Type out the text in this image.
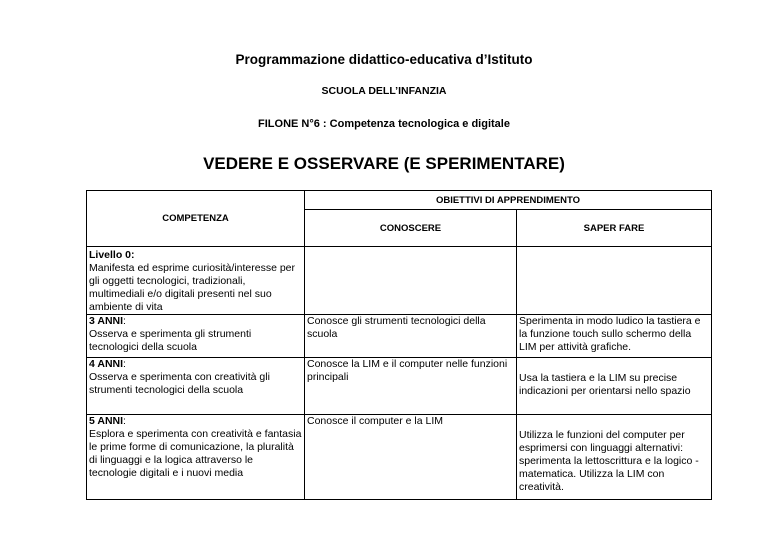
Programmazione didattico-educativa d’Istituto
SCUOLA DELL’INFANZIA
FILONE N°6 : Competenza tecnologica e digitale
VEDERE E OSSERVARE (E SPERIMENTARE)
COMPETENZA	OBIETTIVI DI APPRENDIMENTO	
	CONOSCERE	SAPER FARE
Livello 0:
Manifesta ed esprime curiosità/interesse per gli oggetti tecnologici, tradizionali, multimediali e/o digitali presenti nel suo ambiente di vita		
3 ANNI:
Osserva e sperimenta gli strumenti tecnologici della scuola	Conosce gli strumenti tecnologici della scuola	Sperimenta in modo ludico la tastiera e la funzione touch sullo schermo della LIM per attività grafiche.
4 ANNI:
Osserva e sperimenta con creatività gli strumenti tecnologici della scuola	Conosce la LIM e il computer nelle funzioni principali	Usa la tastiera e la LIM su precise indicazioni per orientarsi nello spazio
5 ANNI:
Esplora e sperimenta con creatività e fantasia le prime forme di comunicazione, la pluralità di linguaggi e la logica attraverso le tecnologie digitali e i nuovi media	Conosce il computer e la LIM	Utilizza le funzioni del computer per esprimersi con linguaggi alternativi: sperimenta la lettoscrittura e la logico - matematica. Utilizza la LIM con creatività.
